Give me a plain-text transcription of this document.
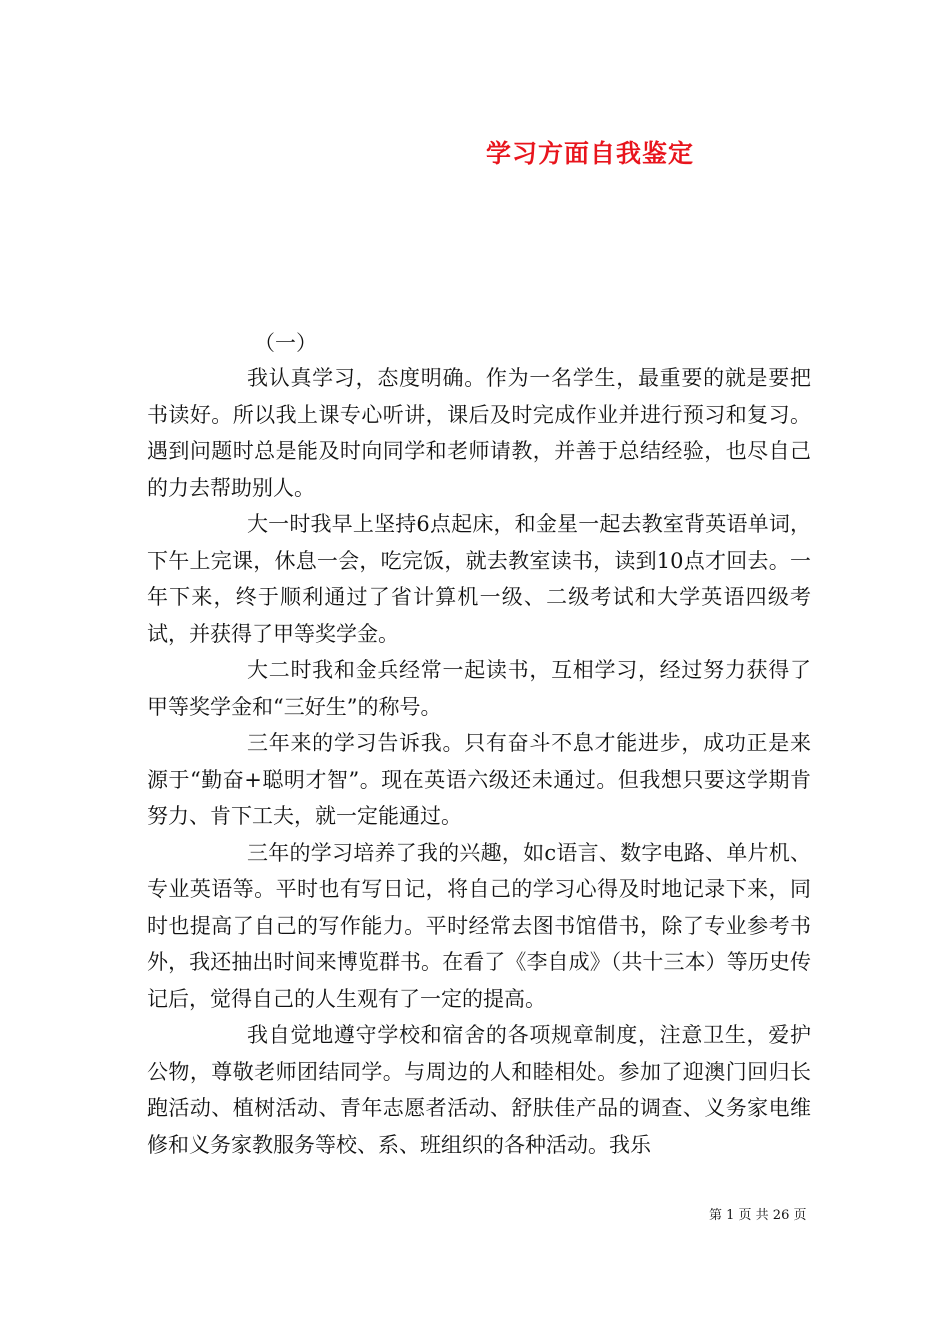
学习方面自我鉴定
（一）

我认真学习，态度明确。作为一名学生，最重要的就是要把书读好。所以我上课专心听讲，课后及时完成作业并进行预习和复习。遇到问题时总是能及时向同学和老师请教，并善于总结经验，也尽自己的力去帮助别人。

大一时我早上坚持6点起床，和金星一起去教室背英语单词，下午上完课，休息一会，吃完饭，就去教室读书，读到10点才回去。一年下来，终于顺利通过了省计算机一级、二级考试和大学英语四级考试，并获得了甲等奖学金。

大二时我和金兵经常一起读书，互相学习，经过努力获得了甲等奖学金和“三好生”的称号。

三年来的学习告诉我。只有奋斗不息才能进步，成功正是来源于“勤奋+聪明才智”。现在英语六级还未通过。但我想只要这学期肯努力、肯下工夫，就一定能通过。

三年的学习培养了我的兴趣，如c语言、数字电路、单片机、专业英语等。平时也有写日记，将自己的学习心得及时地记录下来，同时也提高了自己的写作能力。平时经常去图书馆借书，除了专业参考书外，我还抽出时间来博览群书。在看了《李自成》（共十三本）等历史传记后，觉得自己的人生观有了一定的提高。

我自觉地遵守学校和宿舍的各项规章制度，注意卫生，爱护公物，尊敬老师团结同学。与周边的人和睦相处。参加了迎澳门回归长跑活动、植树活动、青年志愿者活动、舒肤佳产品的调查、义务家电维修和义务家教服务等校、系、班组织的各种活动。我乐

第 1 页 共 26 页
